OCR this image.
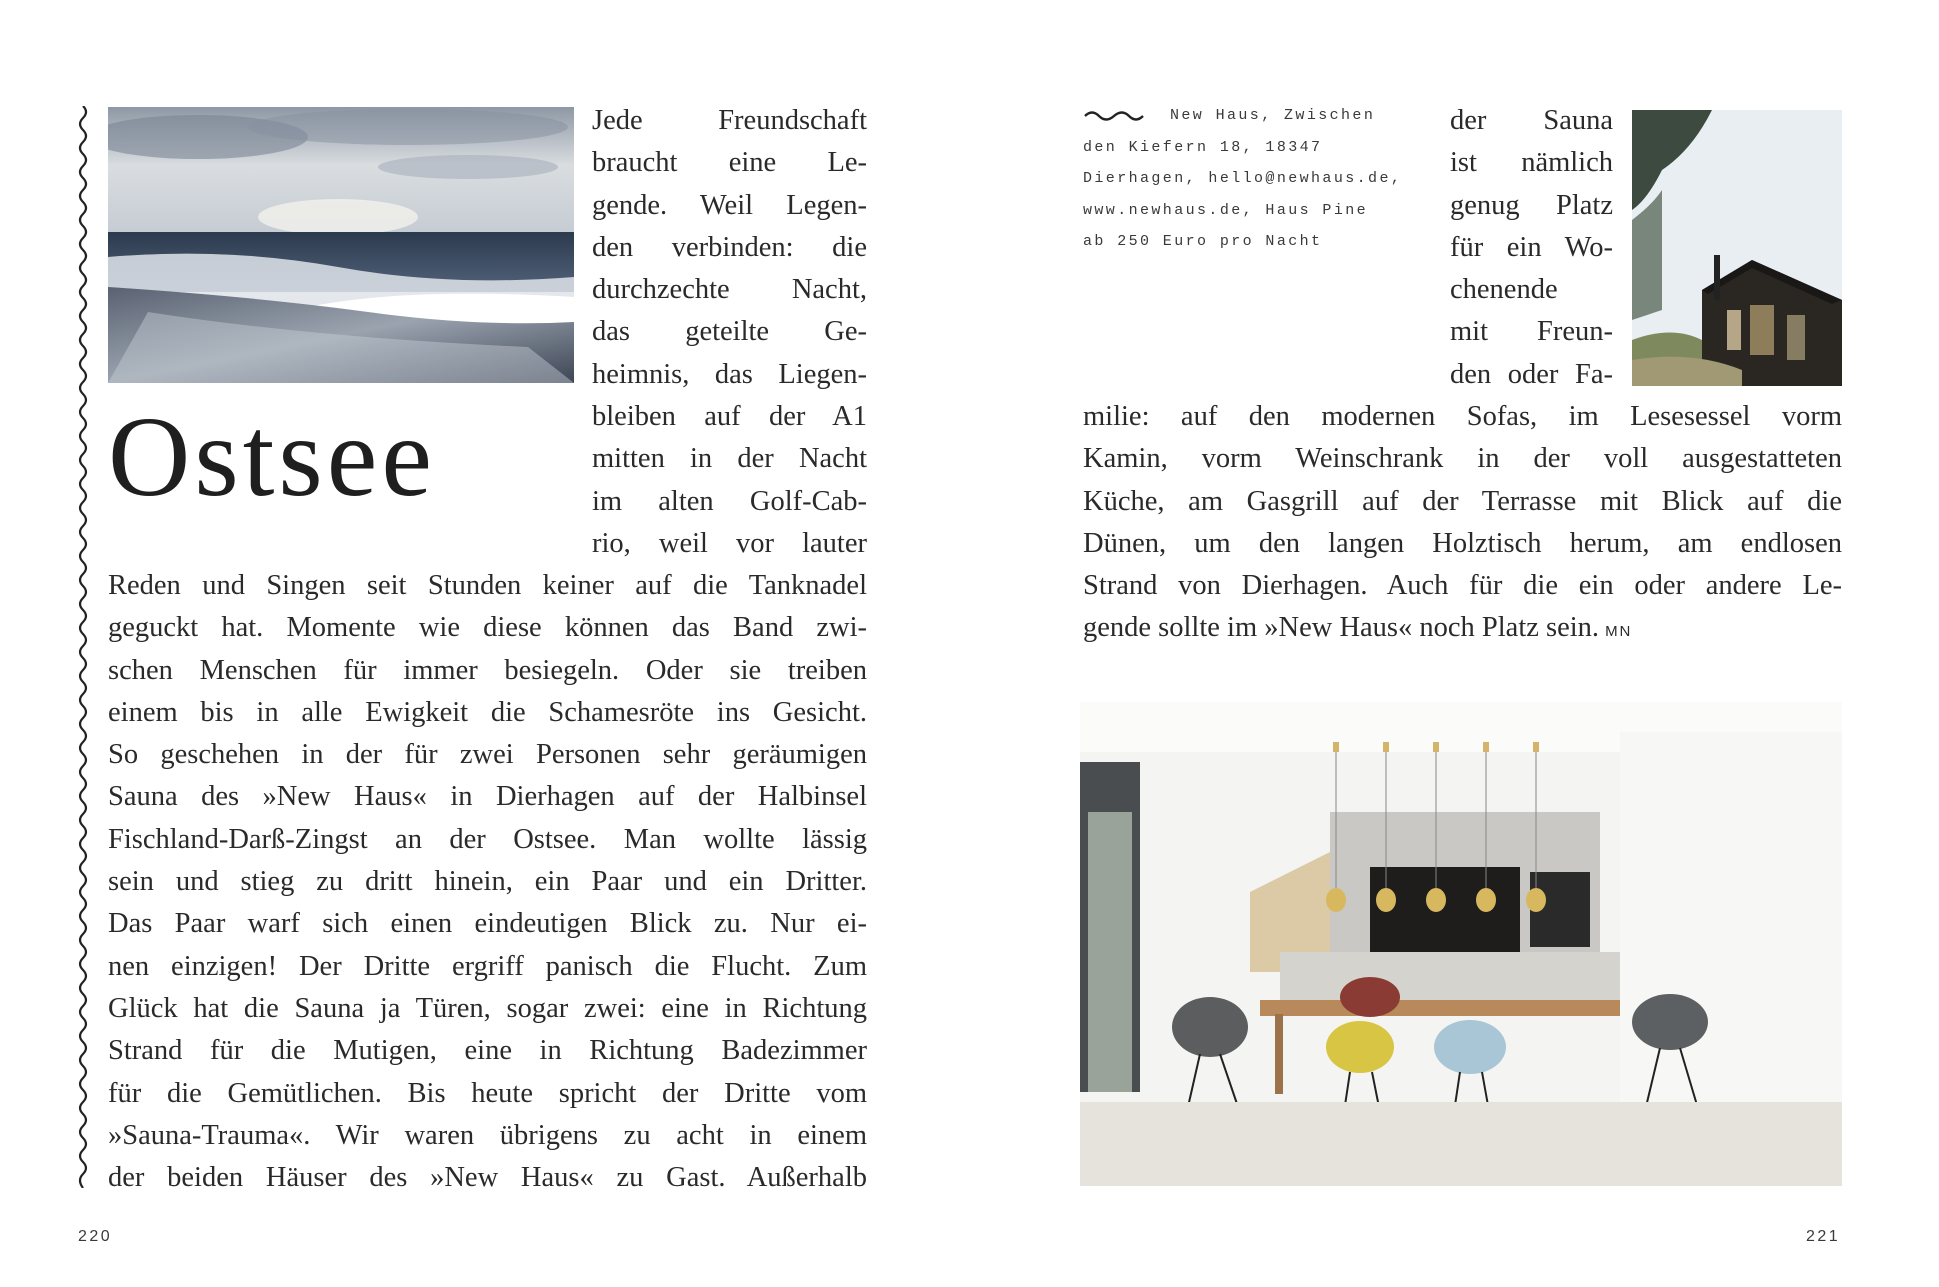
Ostsee
Jede Freundschaft
braucht eine Le-
gende. Weil Legen-
den verbinden: die
durchzechte Nacht,
das geteilte Ge-
heimnis, das Liegen-
bleiben auf der A1
mitten in der Nacht
im alten Golf-Cab-
rio, weil vor lauter
Reden und Singen seit Stunden keiner auf die Tanknadel
geguckt hat. Momente wie diese können das Band zwi-
schen Menschen für immer besiegeln. Oder sie treiben
einem bis in alle Ewigkeit die Schamesröte ins Gesicht.
So geschehen in der für zwei Personen sehr geräumigen
Sauna des »New Haus« in Dierhagen auf der Halbinsel
Fischland-Darß-Zingst an der Ostsee. Man wollte lässig
sein und stieg zu dritt hinein, ein Paar und ein Dritter.
Das Paar warf sich einen eindeutigen Blick zu. Nur ei-
nen einzigen! Der Dritte ergriff panisch die Flucht. Zum
Glück hat die Sauna ja Türen, sogar zwei: eine in Richtung
Strand für die Mutigen, eine in Richtung Badezimmer
für die Gemütlichen. Bis heute spricht der Dritte vom
»Sauna-Trauma«. Wir waren übrigens zu acht in einem
der beiden Häuser des »New Haus« zu Gast. Außerhalb
220
New Haus, Zwischen
den Kiefern 18, 18347
Dierhagen, hello@newhaus.de,
www.newhaus.de, Haus Pine
ab 250 Euro pro Nacht
der Sauna
ist nämlich
genug Platz
für ein Wo-
chenende
mit Freun-
den oder Fa-
milie: auf den modernen Sofas, im Lesesessel vorm
Kamin, vorm Weinschrank in der voll ausgestatteten
Küche, am Gasgrill auf der Terrasse mit Blick auf die
Dünen, um den langen Holztisch herum, am endlosen
Strand von Dierhagen. Auch für die ein oder andere Le-
gende sollte im »New Haus« noch Platz sein. MN
221
